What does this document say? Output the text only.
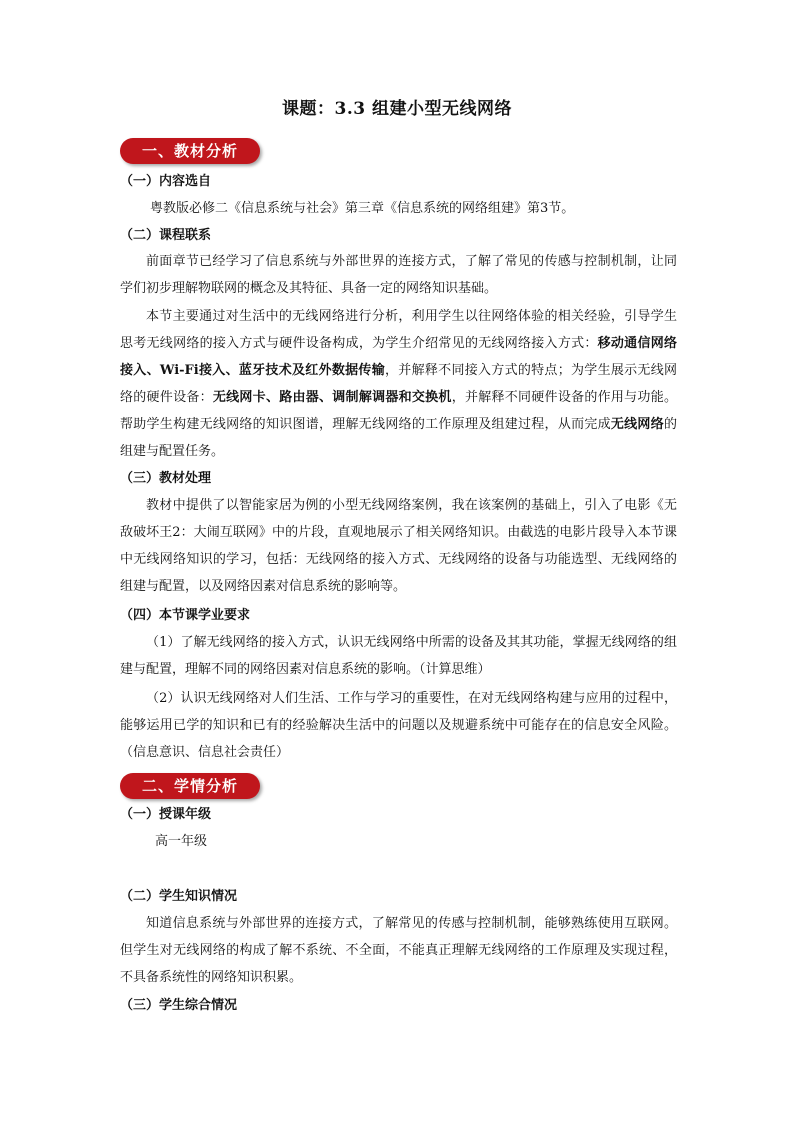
课题：3.3 组建小型无线网络
一、教材分析
（一）内容选自
粤教版必修二《信息系统与社会》第三章《信息系统的网络组建》第3节。
（二）课程联系
前面章节已经学习了信息系统与外部世界的连接方式，了解了常见的传感与控制机制，让同学们初步理解物联网的概念及其特征、具备一定的网络知识基础。
本节主要通过对生活中的无线网络进行分析，利用学生以往网络体验的相关经验，引导学生思考无线网络的接入方式与硬件设备构成，为学生介绍常见的无线网络接入方式：移动通信网络接入、Wi-Fi接入、蓝牙技术及红外数据传输，并解释不同接入方式的特点；为学生展示无线网络的硬件设备：无线网卡、路由器、调制解调器和交换机，并解释不同硬件设备的作用与功能。帮助学生构建无线网络的知识图谱，理解无线网络的工作原理及组建过程，从而完成无线网络的组建与配置任务。
（三）教材处理
教材中提供了以智能家居为例的小型无线网络案例，我在该案例的基础上，引入了电影《无敌破坏王2：大闹互联网》中的片段，直观地展示了相关网络知识。由截选的电影片段导入本节课中无线网络知识的学习，包括：无线网络的接入方式、无线网络的设备与功能选型、无线网络的组建与配置，以及网络因素对信息系统的影响等。
（四）本节课学业要求
（1）了解无线网络的接入方式，认识无线网络中所需的设备及其其功能，掌握无线网络的组建与配置，理解不同的网络因素对信息系统的影响。（计算思维）
（2）认识无线网络对人们生活、工作与学习的重要性，在对无线网络构建与应用的过程中，能够运用已学的知识和已有的经验解决生活中的问题以及规避系统中可能存在的信息安全风险。（信息意识、信息社会责任）
二、学情分析
（一）授课年级
高一年级
（二）学生知识情况
知道信息系统与外部世界的连接方式，了解常见的传感与控制机制，能够熟练使用互联网。但学生对无线网络的构成了解不系统、不全面，不能真正理解无线网络的工作原理及实现过程，不具备系统性的网络知识积累。
（三）学生综合情况
